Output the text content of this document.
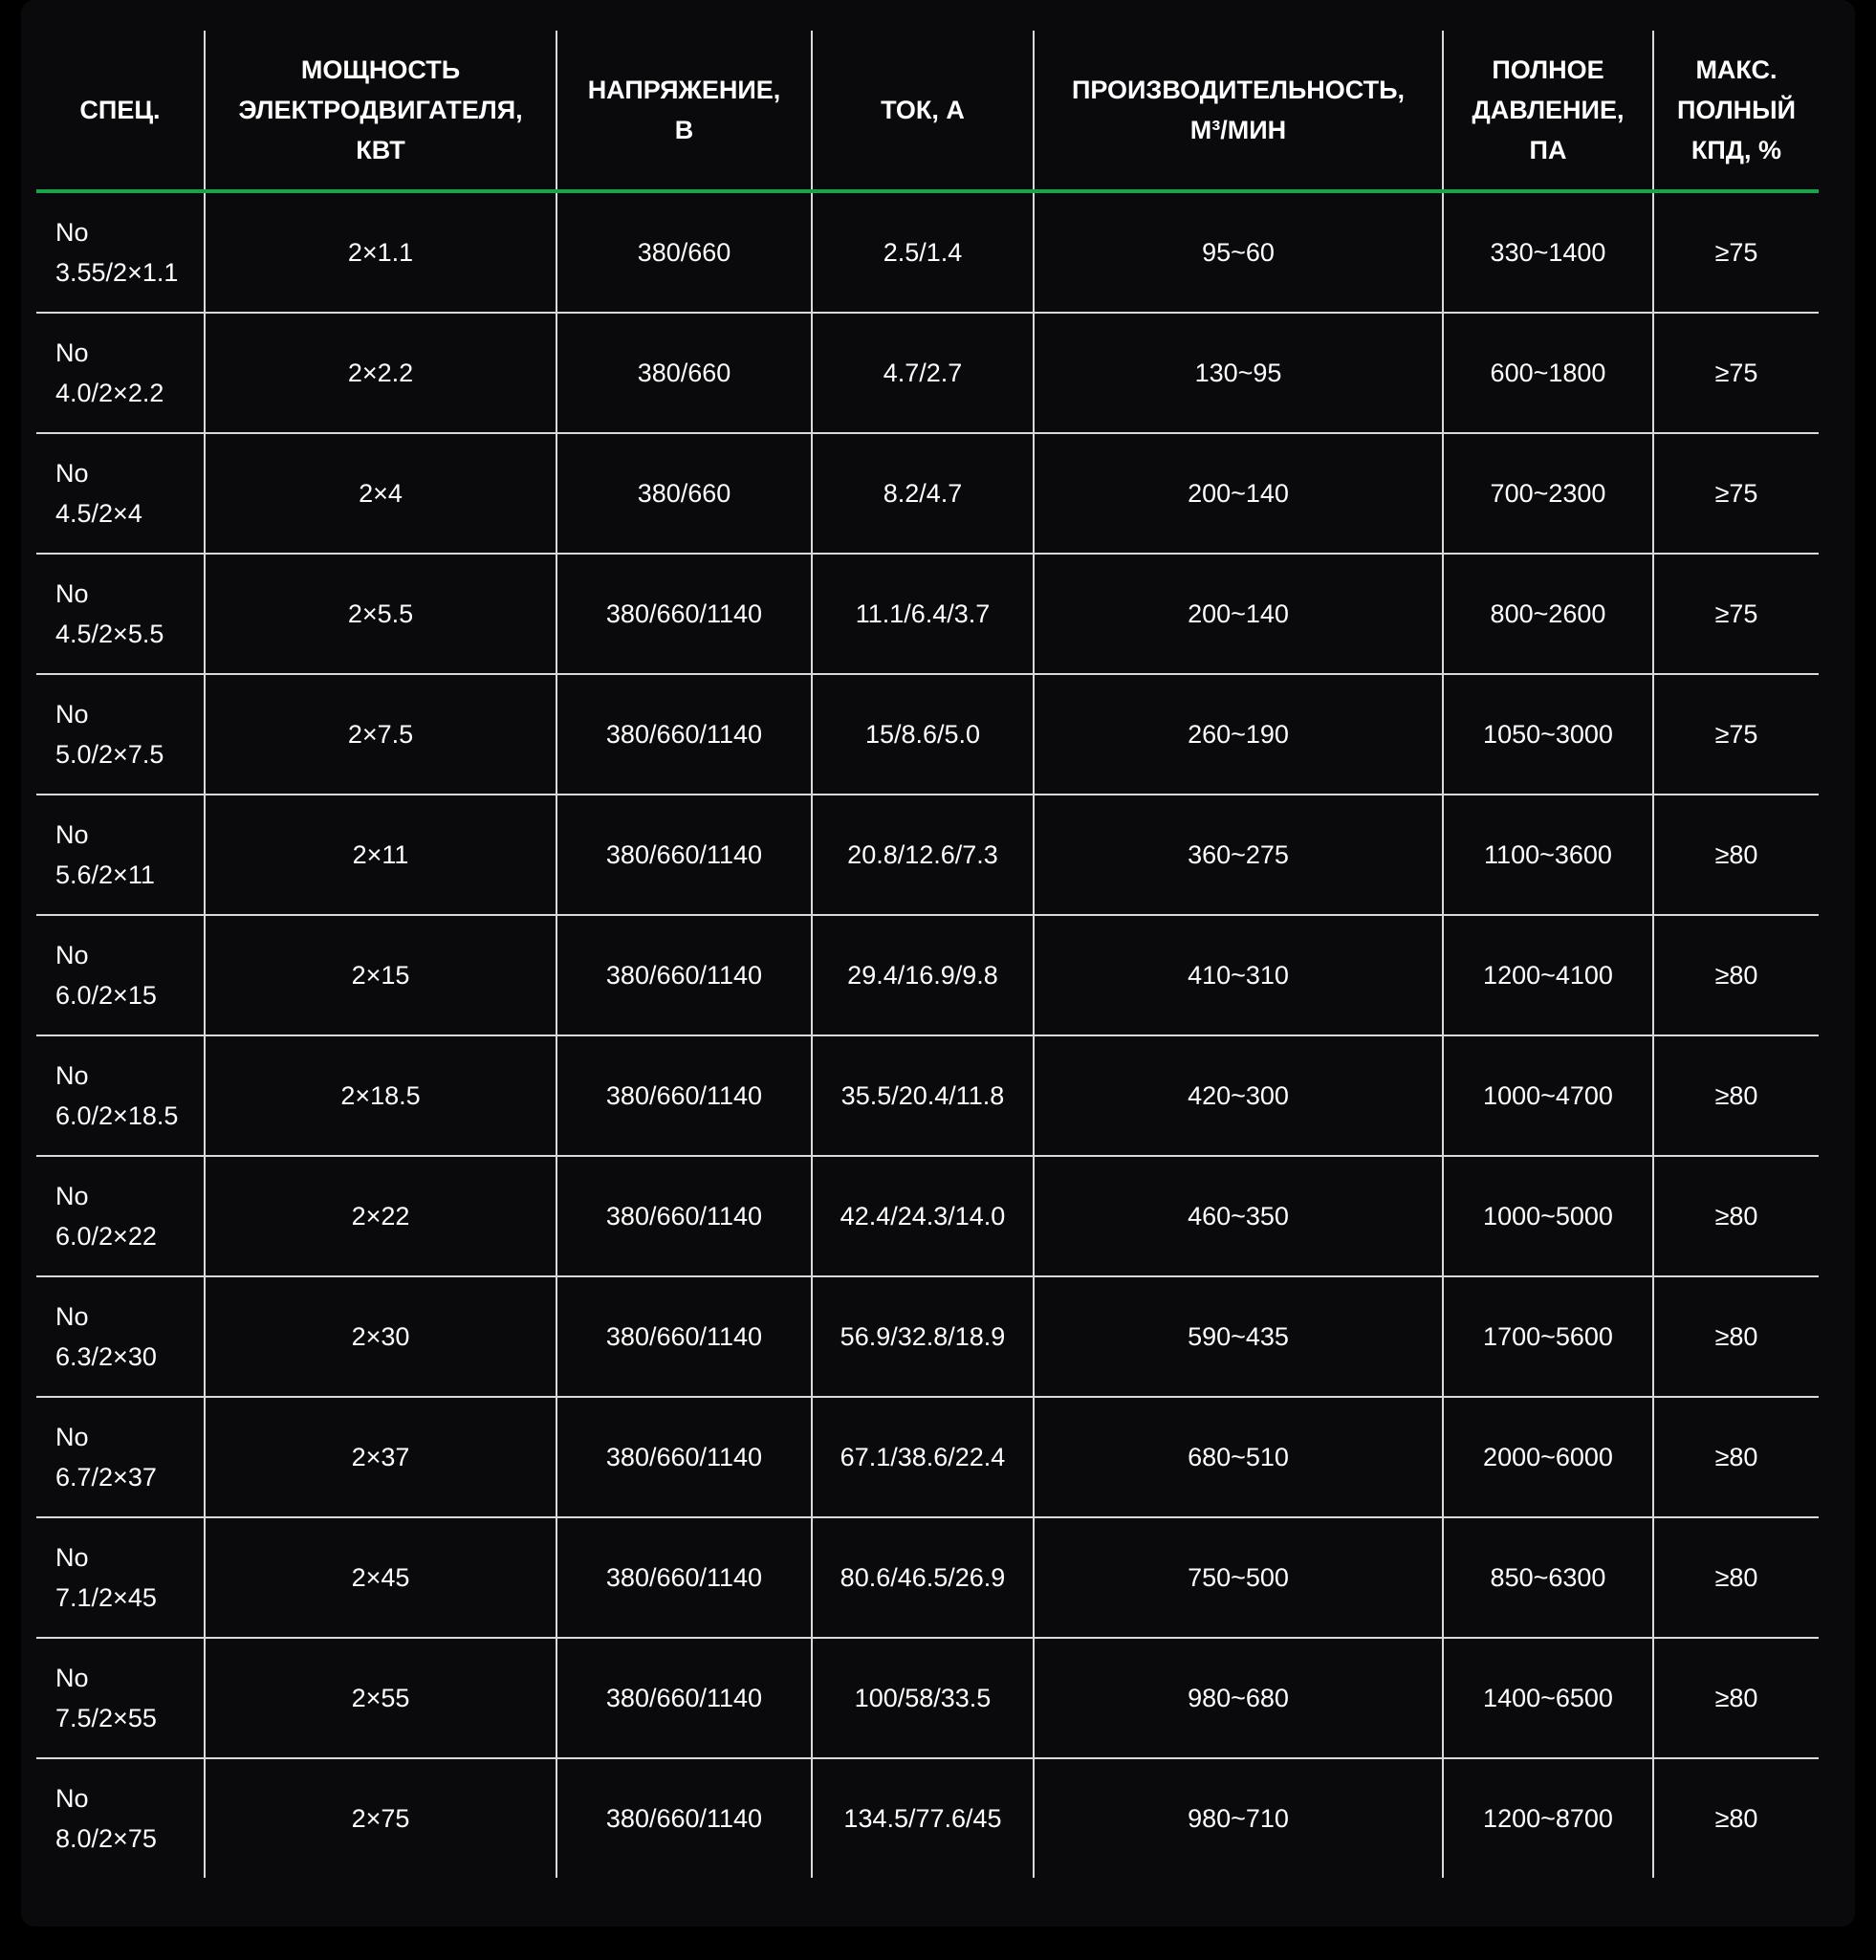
СПЕЦ.	МОЩНОСТЬ
ЭЛЕКТРОДВИГАТЕЛЯ,
КВТ	НАПРЯЖЕНИЕ,
В	ТОК, А	ПРОИЗВОДИТЕЛЬНОСТЬ,
М³/МИН	ПОЛНОЕ
ДАВЛЕНИЕ,
ПА	МАКС.
ПОЛНЫЙ
КПД, %

No
3.55/2×1.1	2×1.1	380/660	2.5/1.4	95~60	330~1400	≥75

No
4.0/2×2.2	2×2.2	380/660	4.7/2.7	130~95	600~1800	≥75

No
4.5/2×4	2×4	380/660	8.2/4.7	200~140	700~2300	≥75

No
4.5/2×5.5	2×5.5	380/660/1140	11.1/6.4/3.7	200~140	800~2600	≥75

No
5.0/2×7.5	2×7.5	380/660/1140	15/8.6/5.0	260~190	1050~3000	≥75

No
5.6/2×11	2×11	380/660/1140	20.8/12.6/7.3	360~275	1100~3600	≥80

No
6.0/2×15	2×15	380/660/1140	29.4/16.9/9.8	410~310	1200~4100	≥80

No
6.0/2×18.5	2×18.5	380/660/1140	35.5/20.4/11.8	420~300	1000~4700	≥80

No
6.0/2×22	2×22	380/660/1140	42.4/24.3/14.0	460~350	1000~5000	≥80

No
6.3/2×30	2×30	380/660/1140	56.9/32.8/18.9	590~435	1700~5600	≥80

No
6.7/2×37	2×37	380/660/1140	67.1/38.6/22.4	680~510	2000~6000	≥80

No
7.1/2×45	2×45	380/660/1140	80.6/46.5/26.9	750~500	850~6300	≥80

No
7.5/2×55	2×55	380/660/1140	100/58/33.5	980~680	1400~6500	≥80

No
8.0/2×75	2×75	380/660/1140	134.5/77.6/45	980~710	1200~8700	≥80
